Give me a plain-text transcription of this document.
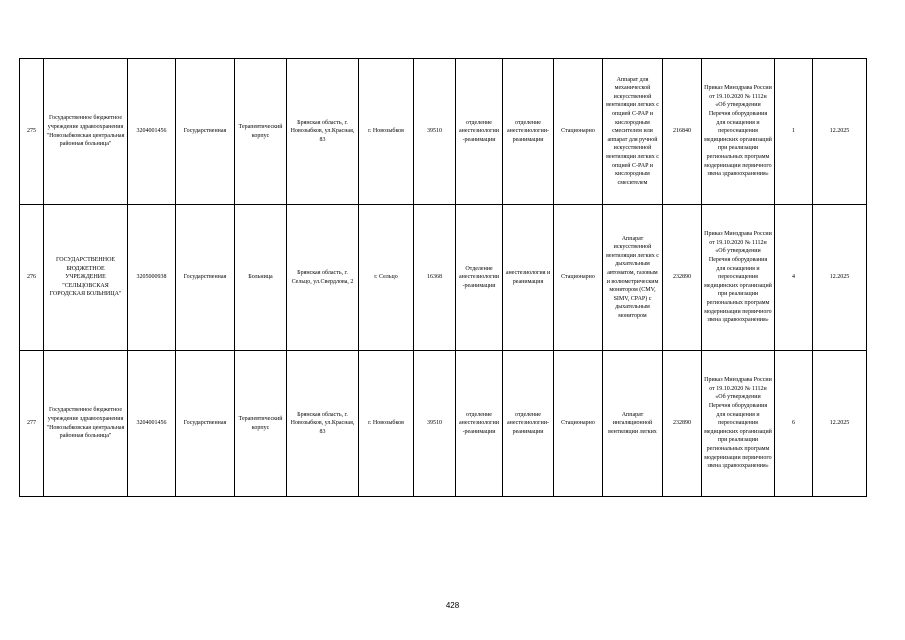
275	Государственное бюджетное учреждение здравоохранения "Новозыбковская центральная районная больница"	3204001456	Государственная	Терапевтический корпус	Брянская область, г. Новозыбков, ул.Красная, 83	г. Новозыбков	39510	отделение анестезиологии-реанимации	отделение анестезиологии-реанимации	Стационарно	Аппарат для механической искусственной вентиляции легких с опцией C-PAP и кислородным смесителем или аппарат для ручной искусственной вентиляции легких с опцией C-PAP и кислородным смесителем	216840	Приказ Минздрава России от 19.10.2020 № 1112н «Об утверждении Перечня оборудования для оснащения и переоснащения медицинских организаций при реализации региональных программ модернизации первичного звена здравоохранения»	1	12.2025
276	ГОСУДАРСТВЕННОЕ БЮДЖЕТНОЕ УЧРЕЖДЕНИЕ "СЕЛЬЦОВСКАЯ ГОРОДСКАЯ БОЛЬНИЦА"	3205000938	Государственная	Больница	Брянская область, г. Сельцо, ул.Свердлова, 2	г. Сельцо	16368	Отделение анестезиологии-реанимации	анестезиология и реанимация	Стационарно	Аппарат искусственной вентиляции легких с дыхательным автоматом, газовым и волюметрическим монитором (CMV, SIMV, CPAP) с дыхательным монитором	232890	Приказ Минздрава России от 19.10.2020 № 1112н «Об утверждении Перечня оборудования для оснащения и переоснащения медицинских организаций при реализации региональных программ модернизации первичного звена здравоохранения»	4	12.2025
277	Государственное бюджетное учреждение здравоохранения "Новозыбковская центральная районная больница"	3204001456	Государственная	Терапевтический корпус	Брянская область, г. Новозыбков, ул.Красная, 83	г. Новозыбков	39510	отделение анестезиологии-реанимации	отделение анестезиологии-реанимации	Стационарно	Аппарат ингаляционной вентиляции легких	232890	Приказ Минздрава России от 19.10.2020 № 1112н «Об утверждении Перечня оборудования для оснащения и переоснащения медицинских организаций при реализации региональных программ модернизации первичного звена здравоохранения»	6	12.2025
428
